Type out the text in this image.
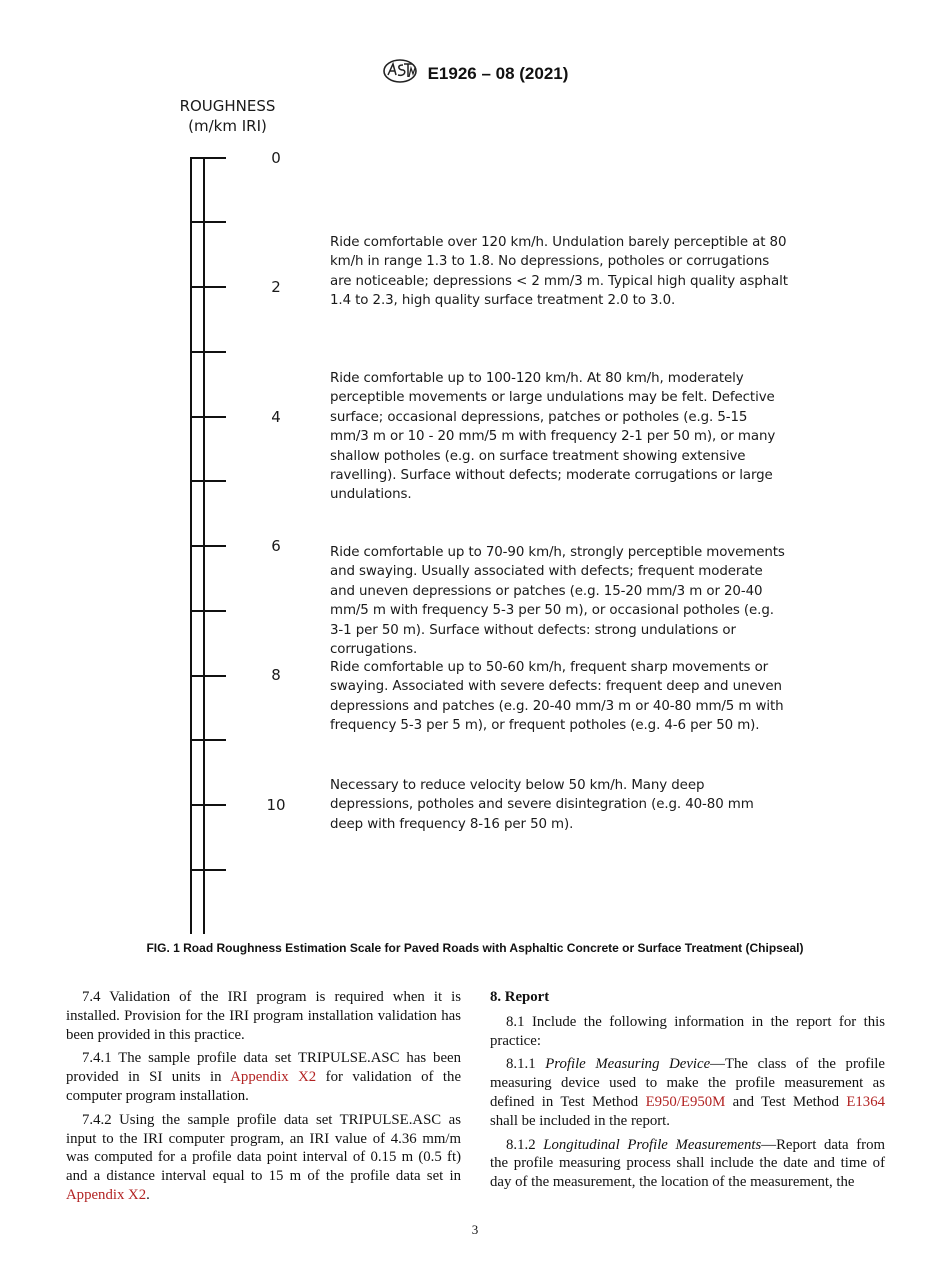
E1926 – 08 (2021)
ROUGHNESS
(m/km IRI)
0
2
4
6
8
10
Ride comfortable over 120 km/h. Undulation barely perceptible at 80 km/h in range 1.3 to 1.8. No depressions, potholes or corrugations are noticeable; depressions < 2 mm/3 m. Typical high quality asphalt 1.4 to 2.3, high quality surface treatment 2.0 to 3.0.
Ride comfortable up to 100-120 km/h. At 80 km/h, moderately perceptible movements or large undulations may be felt. Defective surface; occasional depressions, patches or potholes (e.g. 5-15 mm/3 m or 10 - 20 mm/5 m with frequency 2-1 per 50 m), or many shallow potholes (e.g. on surface treatment showing extensive ravelling). Surface without defects; moderate corrugations or large undulations.
Ride comfortable up to 70-90 km/h, strongly perceptible movements and swaying. Usually associated with defects; frequent moderate and uneven depressions or patches (e.g. 15-20 mm/3 m or 20-40 mm/5 m with frequency 5-3 per 50 m), or occasional potholes (e.g. 3-1 per 50 m). Surface without defects: strong undulations or corrugations.
Ride comfortable up to 50-60 km/h, frequent sharp movements or swaying. Associated with severe defects: frequent deep and uneven depressions and patches (e.g. 20-40 mm/3 m or 40-80 mm/5 m with frequency 5-3 per 5 m), or frequent potholes (e.g. 4-6 per 50 m).
Necessary to reduce velocity below 50 km/h. Many deep depressions, potholes and severe disintegration (e.g. 40-80 mm deep with frequency 8-16 per 50 m).
FIG. 1 Road Roughness Estimation Scale for Paved Roads with Asphaltic Concrete or Surface Treatment (Chipseal)

7.4 Validation of the IRI program is required when it is installed. Provision for the IRI program installation validation has been provided in this practice.

7.4.1 The sample profile data set TRIPULSE.ASC has been provided in SI units in Appendix X2 for validation of the computer program installation.

7.4.2 Using the sample profile data set TRIPULSE.ASC as input to the IRI computer program, an IRI value of 4.36 mm/m was computed for a profile data point interval of 0.15 m (0.5 ft) and a distance interval equal to 15 m of the profile data set in Appendix X2.

8. Report

8.1 Include the following information in the report for this practice:

8.1.1 Profile Measuring Device—The class of the profile measuring device used to make the profile measurement as defined in Test Method E950/E950M and Test Method E1364 shall be included in the report.

8.1.2 Longitudinal Profile Measurements—Report data from the profile measuring process shall include the date and time of day of the measurement, the location of the measurement, the

3
